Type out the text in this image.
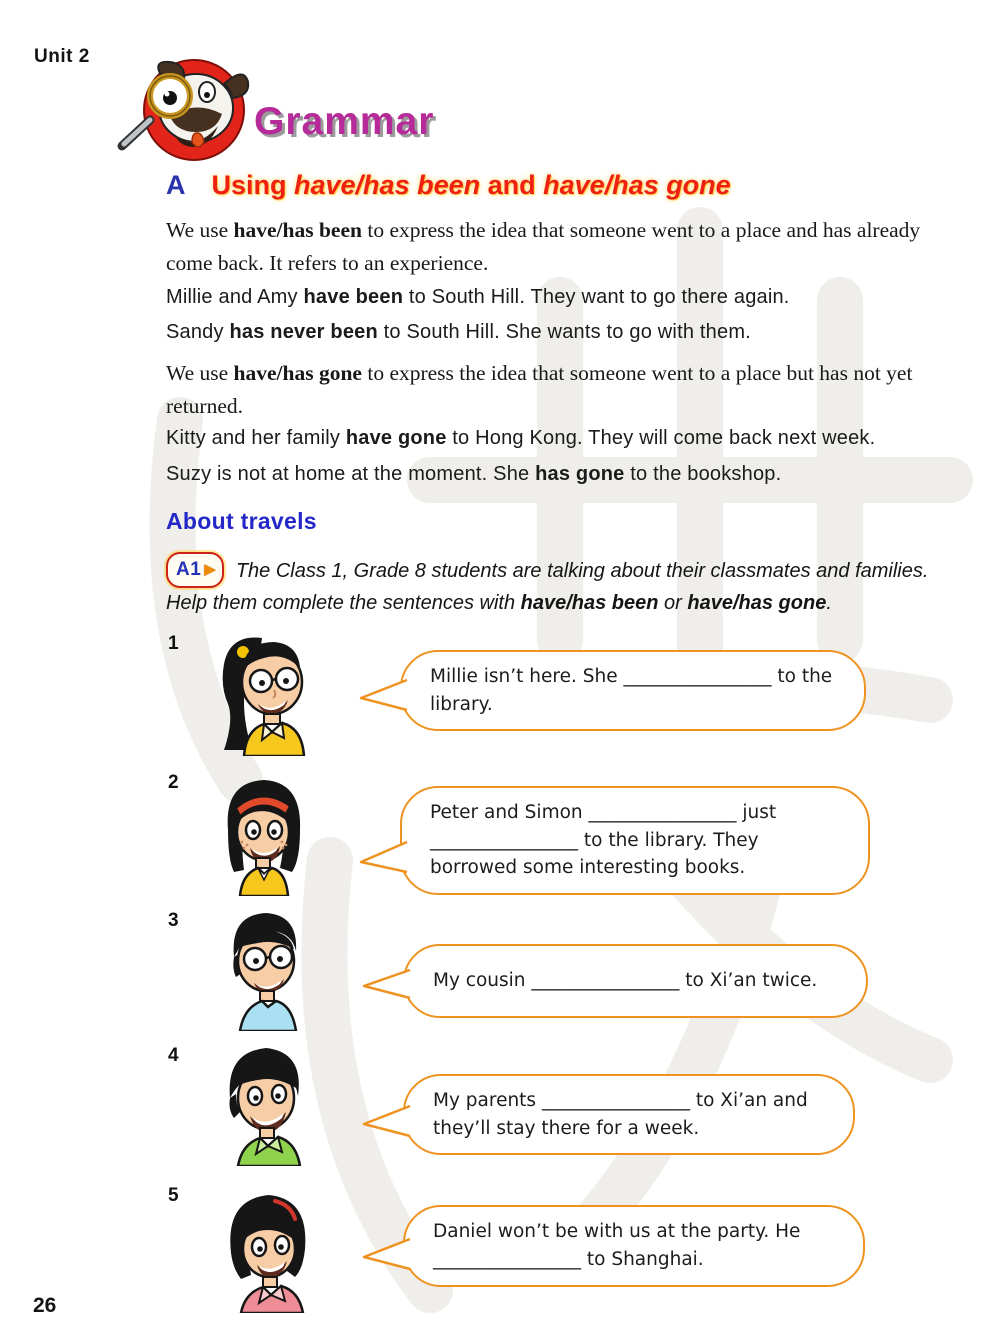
Unit 2
Grammar
A Using have/has been and have/has gone

We use have/has been to express the idea that someone went to a place and has already come back. It refers to an experience.

Millie and Amy have been to South Hill. They want to go there again.

Sandy has never been to South Hill. She wants to go with them.

We use have/has gone to express the idea that someone went to a place but has not yet returned.

Kitty and her family have gone to Hong Kong. They will come back next week.

Suzy is not at home at the moment. She has gone to the bookshop.

About travels

A1 ▶ The Class 1, Grade 8 students are talking about their classmates and families. Help them complete the sentences with have/has been or have/has gone.

1
Millie isn’t here. She ________________ to the library.
2
Peter and Simon ________________ just ________________ to the library. They borrowed some interesting books.
3
My cousin ________________ to Xi’an twice.
4
My parents ________________ to Xi’an and they’ll stay there for a week.
5
Daniel won’t be with us at the party. He ________________ to Shanghai.
26
